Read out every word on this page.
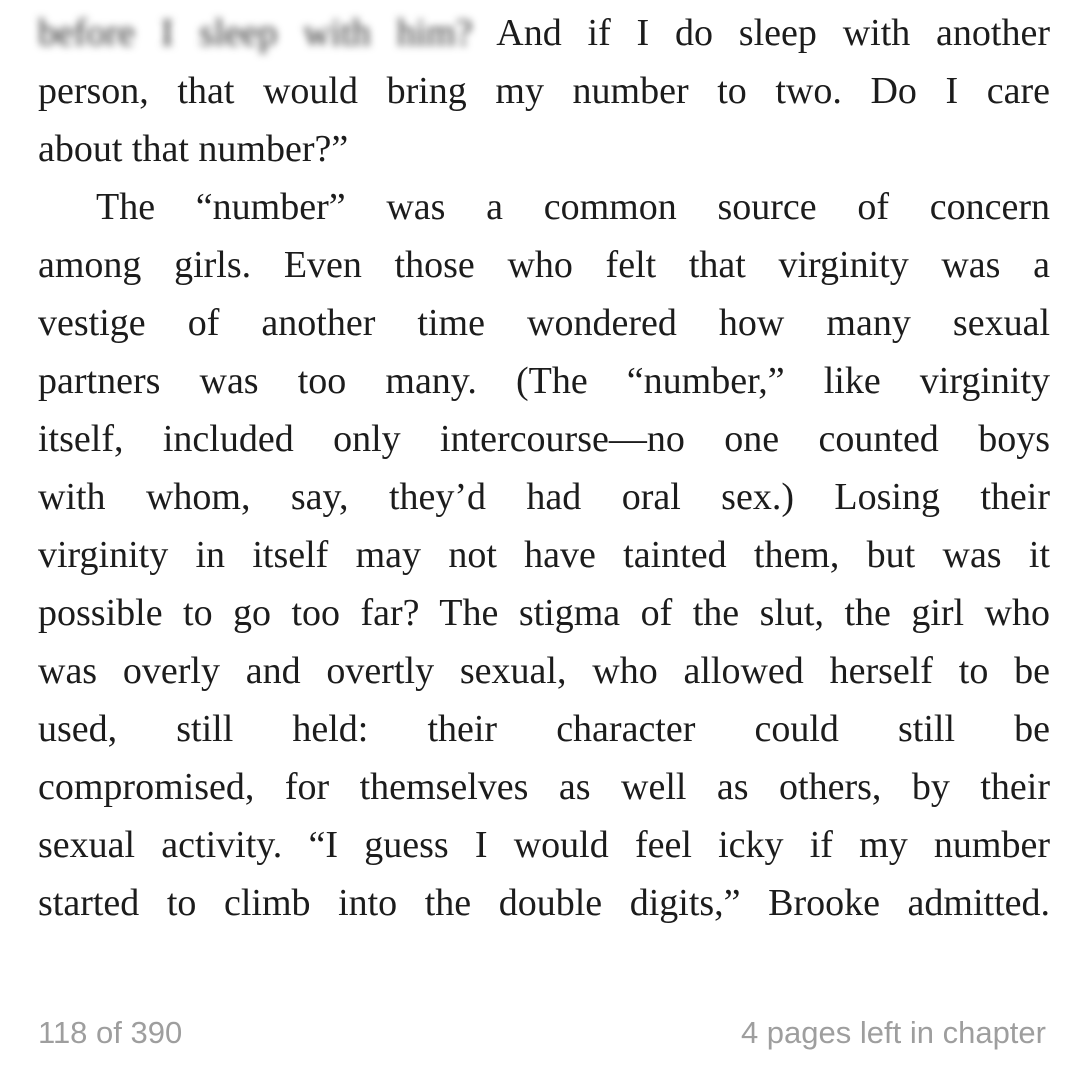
before I sleep with him? And if I do sleep with another
person, that would bring my number to two. Do I care
about that number?”
The “number” was a common source of concern
among girls. Even those who felt that virginity was a
vestige of another time wondered how many sexual
partners was too many. (The “number,” like virginity
itself, included only intercourse—no one counted boys
with whom, say, they’d had oral sex.) Losing their
virginity in itself may not have tainted them, but was it
possible to go too far? The stigma of the slut, the girl who
was overly and overtly sexual, who allowed herself to be
used, still held: their character could still be
compromised, for themselves as well as others, by their
sexual activity. “I guess I would feel icky if my number
started to climb into the double digits,” Brooke admitted.
118 of 390	4 pages left in chapter
